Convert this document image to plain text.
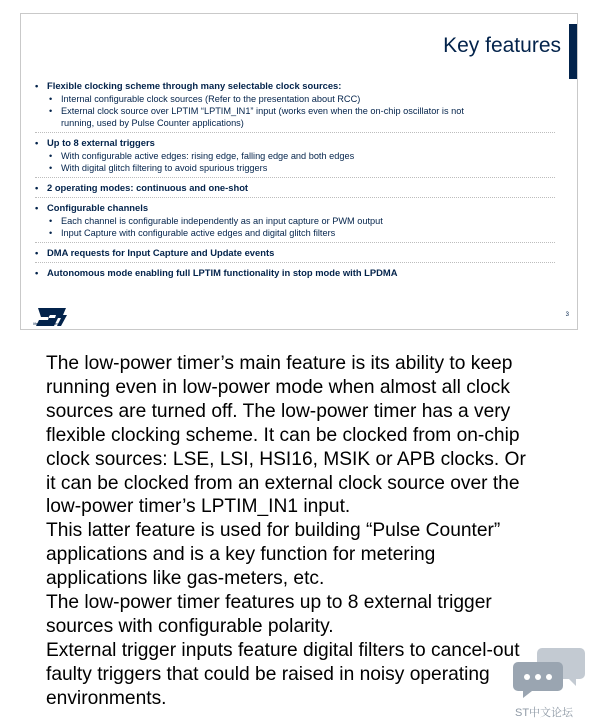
Key features
• Flexible clocking scheme through many selectable clock sources:
• Internal configurable clock sources (Refer to the presentation about RCC)
• External clock source over LPTIM “LPTIM_IN1” input (works even when the on-chip oscillator is not
running, used by Pulse Counter applications)
• Up to 8 external triggers
• With configurable active edges: rising edge, falling edge and both edges
• With digital glitch filtering to avoid spurious triggers
• 2 operating modes: continuous and one-shot
• Configurable channels
• Each channel is configurable independently as an input capture or PWM output
• Input Capture with configurable active edges and digital glitch filters
• DMA requests for Input Capture and Update events
• Autonomous mode enabling full LPTIM functionality in stop mode with LPDMA
life.augmented
3

The low-power timer’s main feature is its ability to keep

running even in low-power mode when almost all clock

sources are turned off. The low-power timer has a very

flexible clocking scheme. It can be clocked from on-chip

clock sources: LSE, LSI, HSI16, MSIK or APB clocks. Or

it can be clocked from an external clock source over the

low-power timer’s LPTIM_IN1 input.

This latter feature is used for building “Pulse Counter”

applications and is a key function for metering

applications like gas-meters, etc.

The low-power timer features up to 8 external trigger

sources with configurable polarity.

External trigger inputs feature digital filters to cancel-out

faulty triggers that could be raised in noisy operating

environments.

ST中文论坛
